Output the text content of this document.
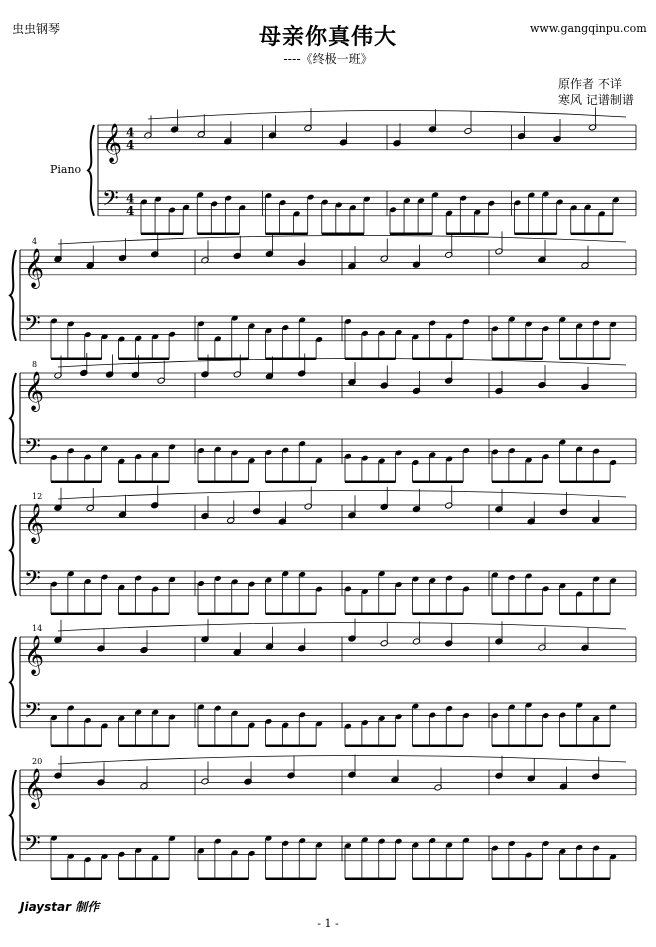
虫虫钢琴	www.gangqinpu.com
母亲你真伟大
----《终极一班》
原作者 不详
寒风 记谱制谱
Piano
𝄞
𝄢
4
4
4
4
𝄞
𝄢
4
𝄞
𝄢
8
𝄞
𝄢
12
𝄞
𝄢
14
𝄞
𝄢
20
Jiaystar 制作
- 1 -
